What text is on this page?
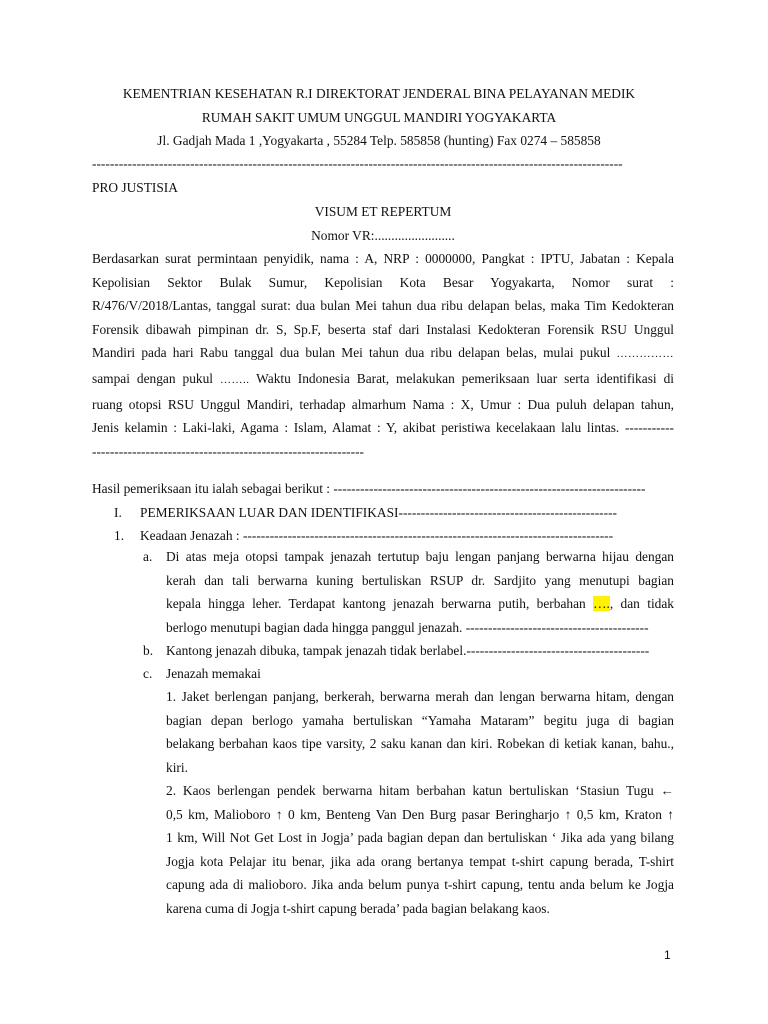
KEMENTRIAN KESEHATAN R.I DIREKTORAT JENDERAL BINA PELAYANAN MEDIK
RUMAH SAKIT UMUM UNGGUL MANDIRI YOGYAKARTA
Jl. Gadjah Mada 1 ,Yogyakarta , 55284 Telp. 585858 (hunting) Fax 0274 – 585858
-----------------------------------------------------------------------------------------------------------------------
PRO JUSTISIA
VISUM ET REPERTUM
Nomor VR:........................
Berdasarkan surat permintaan penyidik, nama : A, NRP : 0000000, Pangkat : IPTU, Jabatan : Kepala
Kepolisian Sektor Bulak Sumur, Kepolisian Kota Besar Yogyakarta, Nomor surat :
R/476/V/2018/Lantas, tanggal surat: dua bulan Mei tahun dua ribu delapan belas, maka Tim Kedokteran
Forensik dibawah pimpinan dr. S, Sp.F, beserta staf dari Instalasi Kedokteran Forensik RSU Unggul
Mandiri pada hari Rabu tanggal dua bulan Mei tahun dua ribu delapan belas, mulai pukul ……………
sampai dengan pukul …….. Waktu Indonesia Barat, melakukan pemeriksaan luar serta identifikasi di
ruang otopsi RSU Unggul Mandiri, terhadap almarhum Nama : X, Umur : Dua puluh delapan tahun,
Jenis kelamin : Laki-laki, Agama : Islam, Alamat : Y, akibat peristiwa kecelakaan lalu lintas. -----------
-------------------------------------------------------------
Hasil pemeriksaan itu ialah sebagai berikut : ----------------------------------------------------------------------
I. PEMERIKSAAN LUAR DAN IDENTIFIKASI-------------------------------------------------
1. Keadaan Jenazah : -----------------------------------------------------------------------------------
a. Di atas meja otopsi tampak jenazah tertutup baju lengan panjang berwarna hijau dengan
kerah dan tali berwarna kuning bertuliskan RSUP dr. Sardjito yang menutupi bagian
kepala hingga leher. Terdapat kantong jenazah berwarna putih, berbahan …., dan tidak
berlogo menutupi bagian dada hingga panggul jenazah. -----------------------------------------
b. Kantong jenazah dibuka, tampak jenazah tidak berlabel.-----------------------------------------
c. Jenazah memakai
1. Jaket berlengan panjang, berkerah, berwarna merah dan lengan berwarna hitam, dengan
bagian depan berlogo yamaha bertuliskan “Yamaha Mataram” begitu juga di bagian
belakang berbahan kaos tipe varsity, 2 saku kanan dan kiri. Robekan di ketiak kanan, bahu.,
kiri.
2. Kaos berlengan pendek berwarna hitam berbahan katun bertuliskan ‘Stasiun Tugu ←
0,5 km, Malioboro ↑ 0 km, Benteng Van Den Burg pasar Beringharjo ↑ 0,5 km, Kraton ↑
1 km, Will Not Get Lost in Jogja’ pada bagian depan dan bertuliskan ‘ Jika ada yang bilang
Jogja kota Pelajar itu benar, jika ada orang bertanya tempat t-shirt capung berada, T-shirt
capung ada di malioboro. Jika anda belum punya t-shirt capung, tentu anda belum ke Jogja
karena cuma di Jogja t-shirt capung berada’ pada bagian belakang kaos.
1
